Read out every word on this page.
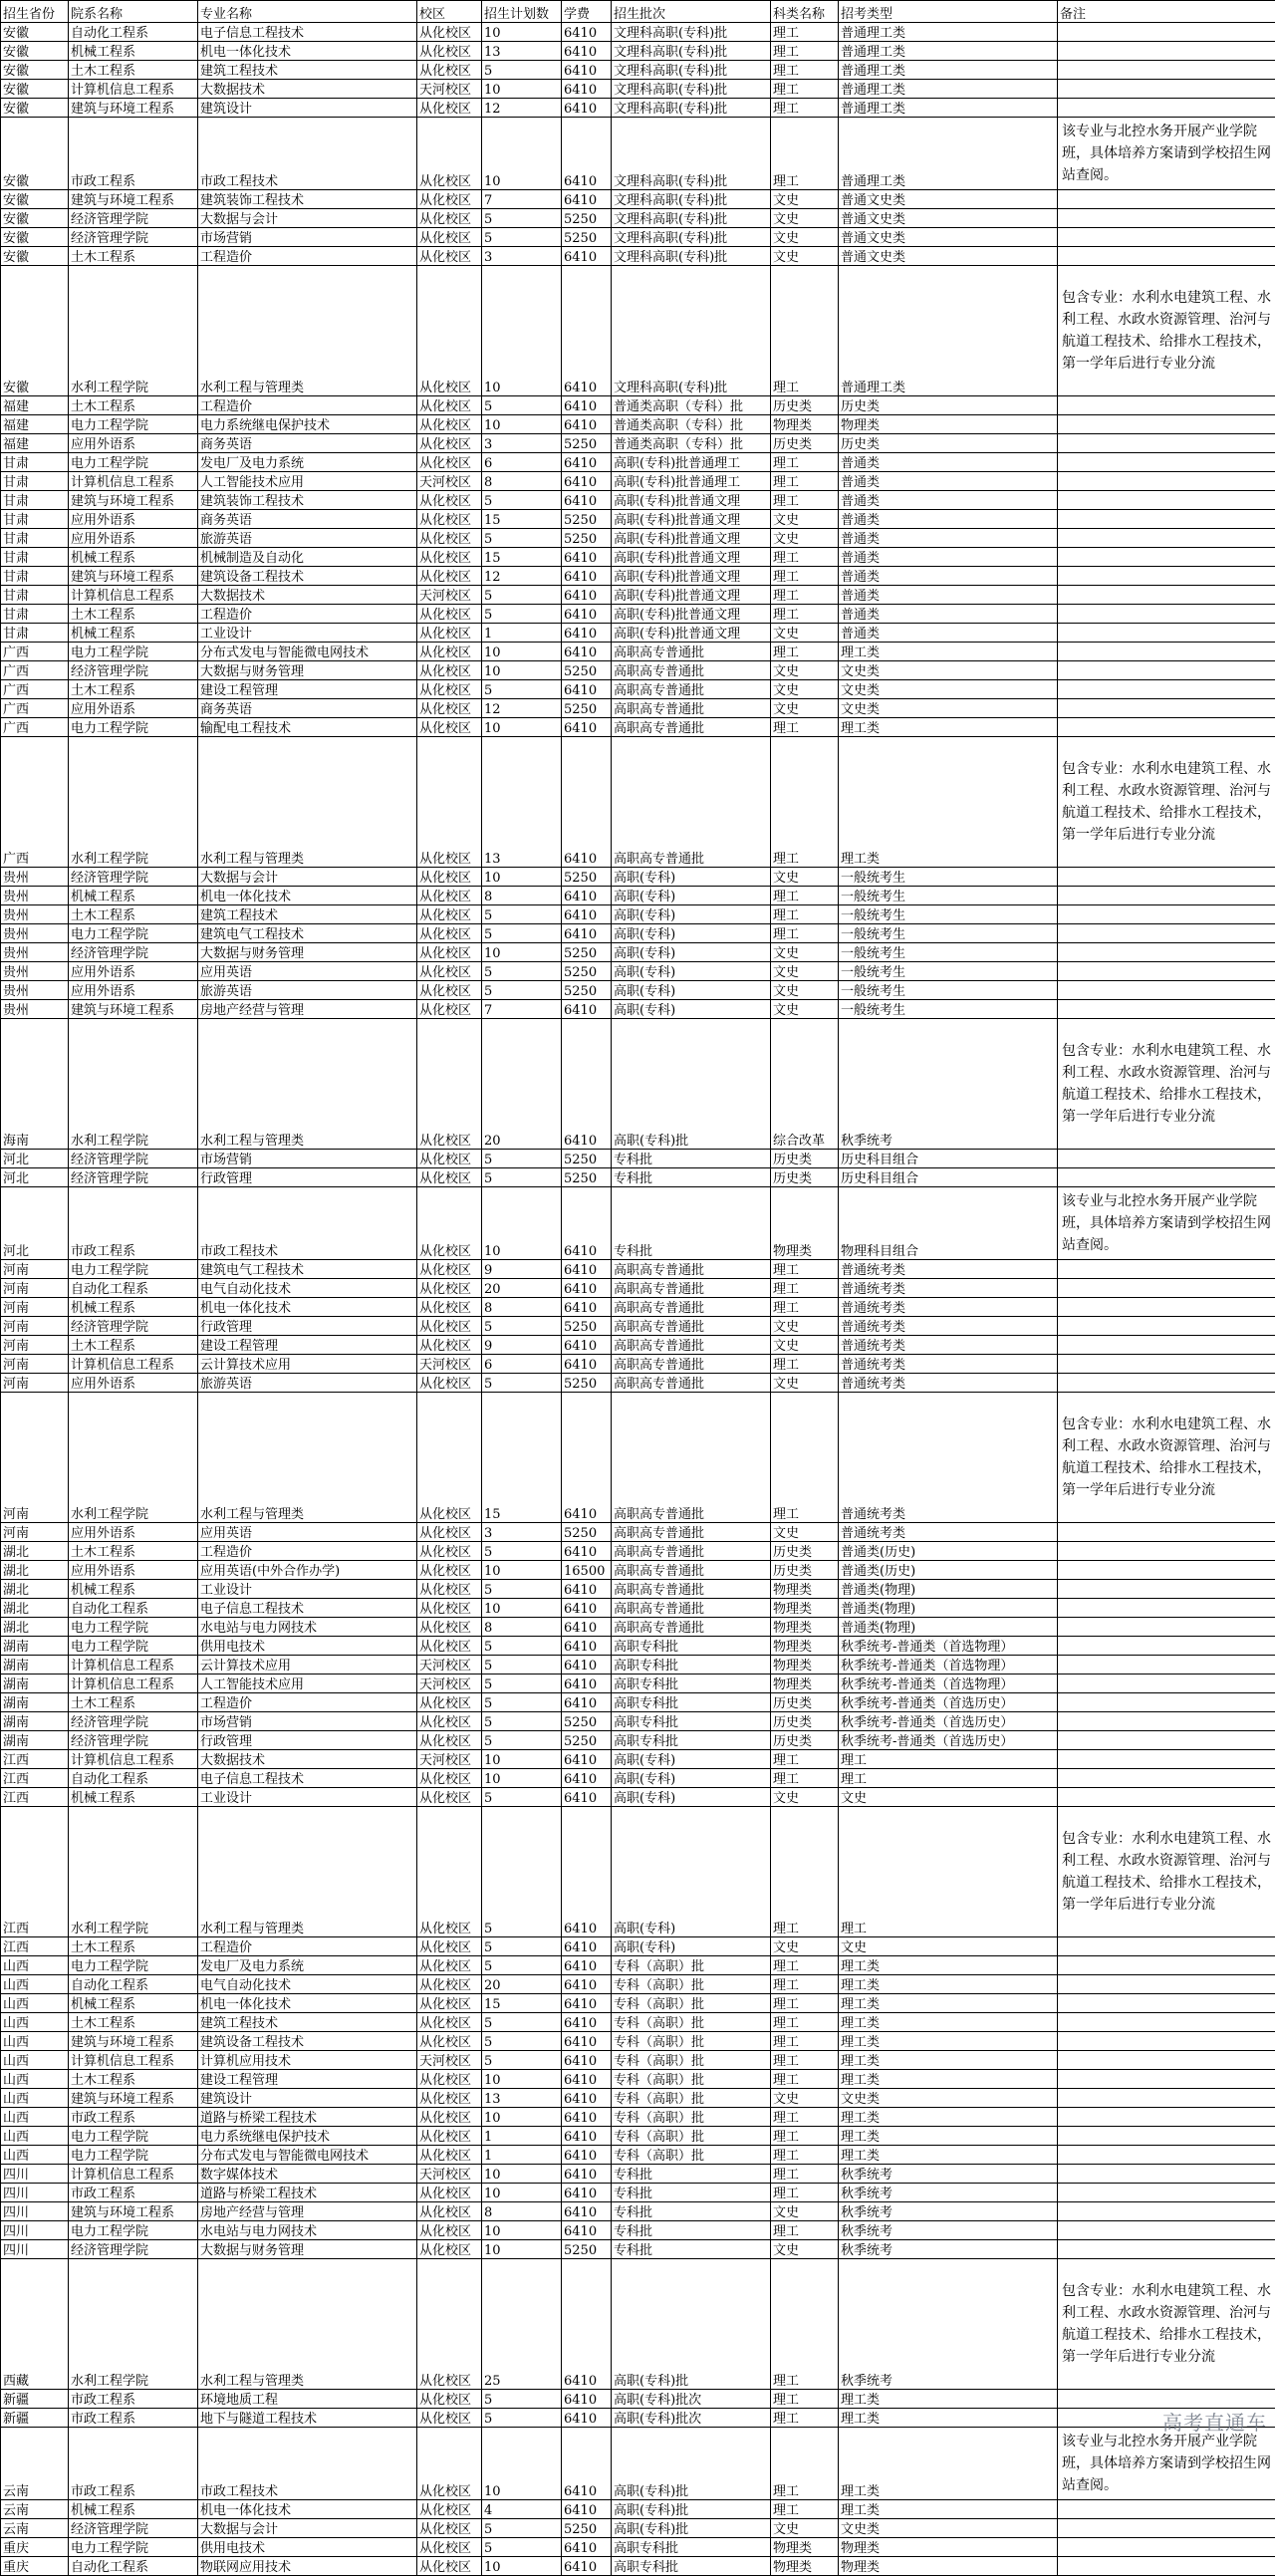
招生省份	院系名称	专业名称	校区	招生计划数	学费	招生批次	科类名称	招考类型	备注
安徽	自动化工程系	电子信息工程技术	从化校区	10	6410	文理科高职(专科)批	理工	普通理工类	
安徽	机械工程系	机电一体化技术	从化校区	13	6410	文理科高职(专科)批	理工	普通理工类	
安徽	土木工程系	建筑工程技术	从化校区	5	6410	文理科高职(专科)批	理工	普通理工类	
安徽	计算机信息工程系	大数据技术	天河校区	10	6410	文理科高职(专科)批	理工	普通理工类	
安徽	建筑与环境工程系	建筑设计	从化校区	12	6410	文理科高职(专科)批	理工	普通理工类	
安徽	市政工程系	市政工程技术	从化校区	10	6410	文理科高职(专科)批	理工	普通理工类	该专业与北控水务开展产业学院班，具体培养方案请到学校招生网站查阅。
安徽	建筑与环境工程系	建筑装饰工程技术	从化校区	7	6410	文理科高职(专科)批	文史	普通文史类	
安徽	经济管理学院	大数据与会计	从化校区	5	5250	文理科高职(专科)批	文史	普通文史类	
安徽	经济管理学院	市场营销	从化校区	5	5250	文理科高职(专科)批	文史	普通文史类	
安徽	土木工程系	工程造价	从化校区	3	6410	文理科高职(专科)批	文史	普通文史类	
安徽	水利工程学院	水利工程与管理类	从化校区	10	6410	文理科高职(专科)批	理工	普通理工类	包含专业：水利水电建筑工程、水利工程、水政水资源管理、治河与航道工程技术、给排水工程技术，第一学年后进行专业分流
福建	土木工程系	工程造价	从化校区	5	6410	普通类高职（专科）批	历史类	历史类	
福建	电力工程学院	电力系统继电保护技术	从化校区	10	6410	普通类高职（专科）批	物理类	物理类	
福建	应用外语系	商务英语	从化校区	3	5250	普通类高职（专科）批	历史类	历史类	
甘肃	电力工程学院	发电厂及电力系统	从化校区	6	6410	高职(专科)批普通理工	理工	普通类	
甘肃	计算机信息工程系	人工智能技术应用	天河校区	8	6410	高职(专科)批普通理工	理工	普通类	
甘肃	建筑与环境工程系	建筑装饰工程技术	从化校区	5	6410	高职(专科)批普通文理	理工	普通类	
甘肃	应用外语系	商务英语	从化校区	15	5250	高职(专科)批普通文理	文史	普通类	
甘肃	应用外语系	旅游英语	从化校区	5	5250	高职(专科)批普通文理	文史	普通类	
甘肃	机械工程系	机械制造及自动化	从化校区	15	6410	高职(专科)批普通文理	理工	普通类	
甘肃	建筑与环境工程系	建筑设备工程技术	从化校区	12	6410	高职(专科)批普通文理	理工	普通类	
甘肃	计算机信息工程系	大数据技术	天河校区	5	6410	高职(专科)批普通文理	理工	普通类	
甘肃	土木工程系	工程造价	从化校区	5	6410	高职(专科)批普通文理	理工	普通类	
甘肃	机械工程系	工业设计	从化校区	1	6410	高职(专科)批普通文理	文史	普通类	
广西	电力工程学院	分布式发电与智能微电网技术	从化校区	10	6410	高职高专普通批	理工	理工类	
广西	经济管理学院	大数据与财务管理	从化校区	10	5250	高职高专普通批	文史	文史类	
广西	土木工程系	建设工程管理	从化校区	5	6410	高职高专普通批	文史	文史类	
广西	应用外语系	商务英语	从化校区	12	5250	高职高专普通批	文史	文史类	
广西	电力工程学院	输配电工程技术	从化校区	10	6410	高职高专普通批	理工	理工类	
广西	水利工程学院	水利工程与管理类	从化校区	13	6410	高职高专普通批	理工	理工类	包含专业：水利水电建筑工程、水利工程、水政水资源管理、治河与航道工程技术、给排水工程技术，第一学年后进行专业分流
贵州	经济管理学院	大数据与会计	从化校区	10	5250	高职(专科)	文史	一般统考生	
贵州	机械工程系	机电一体化技术	从化校区	8	6410	高职(专科)	理工	一般统考生	
贵州	土木工程系	建筑工程技术	从化校区	5	6410	高职(专科)	理工	一般统考生	
贵州	电力工程学院	建筑电气工程技术	从化校区	5	6410	高职(专科)	理工	一般统考生	
贵州	经济管理学院	大数据与财务管理	从化校区	10	5250	高职(专科)	文史	一般统考生	
贵州	应用外语系	应用英语	从化校区	5	5250	高职(专科)	文史	一般统考生	
贵州	应用外语系	旅游英语	从化校区	5	5250	高职(专科)	文史	一般统考生	
贵州	建筑与环境工程系	房地产经营与管理	从化校区	7	6410	高职(专科)	文史	一般统考生	
海南	水利工程学院	水利工程与管理类	从化校区	20	6410	高职(专科)批	综合改革	秋季统考	包含专业：水利水电建筑工程、水利工程、水政水资源管理、治河与航道工程技术、给排水工程技术，第一学年后进行专业分流
河北	经济管理学院	市场营销	从化校区	5	5250	专科批	历史类	历史科目组合	
河北	经济管理学院	行政管理	从化校区	5	5250	专科批	历史类	历史科目组合	
河北	市政工程系	市政工程技术	从化校区	10	6410	专科批	物理类	物理科目组合	该专业与北控水务开展产业学院班，具体培养方案请到学校招生网站查阅。
河南	电力工程学院	建筑电气工程技术	从化校区	9	6410	高职高专普通批	理工	普通统考类	
河南	自动化工程系	电气自动化技术	从化校区	20	6410	高职高专普通批	理工	普通统考类	
河南	机械工程系	机电一体化技术	从化校区	8	6410	高职高专普通批	理工	普通统考类	
河南	经济管理学院	行政管理	从化校区	5	5250	高职高专普通批	文史	普通统考类	
河南	土木工程系	建设工程管理	从化校区	9	6410	高职高专普通批	文史	普通统考类	
河南	计算机信息工程系	云计算技术应用	天河校区	6	6410	高职高专普通批	理工	普通统考类	
河南	应用外语系	旅游英语	从化校区	5	5250	高职高专普通批	文史	普通统考类	
河南	水利工程学院	水利工程与管理类	从化校区	15	6410	高职高专普通批	理工	普通统考类	包含专业：水利水电建筑工程、水利工程、水政水资源管理、治河与航道工程技术、给排水工程技术，第一学年后进行专业分流
河南	应用外语系	应用英语	从化校区	3	5250	高职高专普通批	文史	普通统考类	
湖北	土木工程系	工程造价	从化校区	5	6410	高职高专普通批	历史类	普通类(历史)	
湖北	应用外语系	应用英语(中外合作办学)	从化校区	10	16500	高职高专普通批	历史类	普通类(历史)	
湖北	机械工程系	工业设计	从化校区	5	6410	高职高专普通批	物理类	普通类(物理)	
湖北	自动化工程系	电子信息工程技术	从化校区	10	6410	高职高专普通批	物理类	普通类(物理)	
湖北	电力工程学院	水电站与电力网技术	从化校区	8	6410	高职高专普通批	物理类	普通类(物理)	
湖南	电力工程学院	供用电技术	从化校区	5	6410	高职专科批	物理类	秋季统考-普通类（首选物理）	
湖南	计算机信息工程系	云计算技术应用	天河校区	5	6410	高职专科批	物理类	秋季统考-普通类（首选物理）	
湖南	计算机信息工程系	人工智能技术应用	天河校区	5	6410	高职专科批	物理类	秋季统考-普通类（首选物理）	
湖南	土木工程系	工程造价	从化校区	5	6410	高职专科批	历史类	秋季统考-普通类（首选历史）	
湖南	经济管理学院	市场营销	从化校区	5	5250	高职专科批	历史类	秋季统考-普通类（首选历史）	
湖南	经济管理学院	行政管理	从化校区	5	5250	高职专科批	历史类	秋季统考-普通类（首选历史）	
江西	计算机信息工程系	大数据技术	天河校区	10	6410	高职(专科)	理工	理工	
江西	自动化工程系	电子信息工程技术	从化校区	10	6410	高职(专科)	理工	理工	
江西	机械工程系	工业设计	从化校区	5	6410	高职(专科)	文史	文史	
江西	水利工程学院	水利工程与管理类	从化校区	5	6410	高职(专科)	理工	理工	包含专业：水利水电建筑工程、水利工程、水政水资源管理、治河与航道工程技术、给排水工程技术，第一学年后进行专业分流
江西	土木工程系	工程造价	从化校区	5	6410	高职(专科)	文史	文史	
山西	电力工程学院	发电厂及电力系统	从化校区	5	6410	专科（高职）批	理工	理工类	
山西	自动化工程系	电气自动化技术	从化校区	20	6410	专科（高职）批	理工	理工类	
山西	机械工程系	机电一体化技术	从化校区	15	6410	专科（高职）批	理工	理工类	
山西	土木工程系	建筑工程技术	从化校区	5	6410	专科（高职）批	理工	理工类	
山西	建筑与环境工程系	建筑设备工程技术	从化校区	5	6410	专科（高职）批	理工	理工类	
山西	计算机信息工程系	计算机应用技术	天河校区	5	6410	专科（高职）批	理工	理工类	
山西	土木工程系	建设工程管理	从化校区	10	6410	专科（高职）批	理工	理工类	
山西	建筑与环境工程系	建筑设计	从化校区	13	6410	专科（高职）批	文史	文史类	
山西	市政工程系	道路与桥梁工程技术	从化校区	10	6410	专科（高职）批	理工	理工类	
山西	电力工程学院	电力系统继电保护技术	从化校区	1	6410	专科（高职）批	理工	理工类	
山西	电力工程学院	分布式发电与智能微电网技术	从化校区	1	6410	专科（高职）批	理工	理工类	
四川	计算机信息工程系	数字媒体技术	天河校区	10	6410	专科批	理工	秋季统考	
四川	市政工程系	道路与桥梁工程技术	从化校区	10	6410	专科批	理工	秋季统考	
四川	建筑与环境工程系	房地产经营与管理	从化校区	8	6410	专科批	文史	秋季统考	
四川	电力工程学院	水电站与电力网技术	从化校区	10	6410	专科批	理工	秋季统考	
四川	经济管理学院	大数据与财务管理	从化校区	10	5250	专科批	文史	秋季统考	
西藏	水利工程学院	水利工程与管理类	从化校区	25	6410	高职(专科)批	理工	秋季统考	包含专业：水利水电建筑工程、水利工程、水政水资源管理、治河与航道工程技术、给排水工程技术，第一学年后进行专业分流
新疆	市政工程系	环境地质工程	从化校区	5	6410	高职(专科)批次	理工	理工类	
新疆	市政工程系	地下与隧道工程技术	从化校区	5	6410	高职(专科)批次	理工	理工类	
云南	市政工程系	市政工程技术	从化校区	10	6410	高职(专科)批	理工	理工类	该专业与北控水务开展产业学院班，具体培养方案请到学校招生网站查阅。
云南	机械工程系	机电一体化技术	从化校区	4	6410	高职(专科)批	理工	理工类	
云南	经济管理学院	大数据与会计	从化校区	5	5250	高职(专科)批	文史	文史类	
重庆	电力工程学院	供用电技术	从化校区	5	6410	高职专科批	物理类	物理类	
重庆	自动化工程系	物联网应用技术	从化校区	10	6410	高职专科批	物理类	物理类	
高考直通车
